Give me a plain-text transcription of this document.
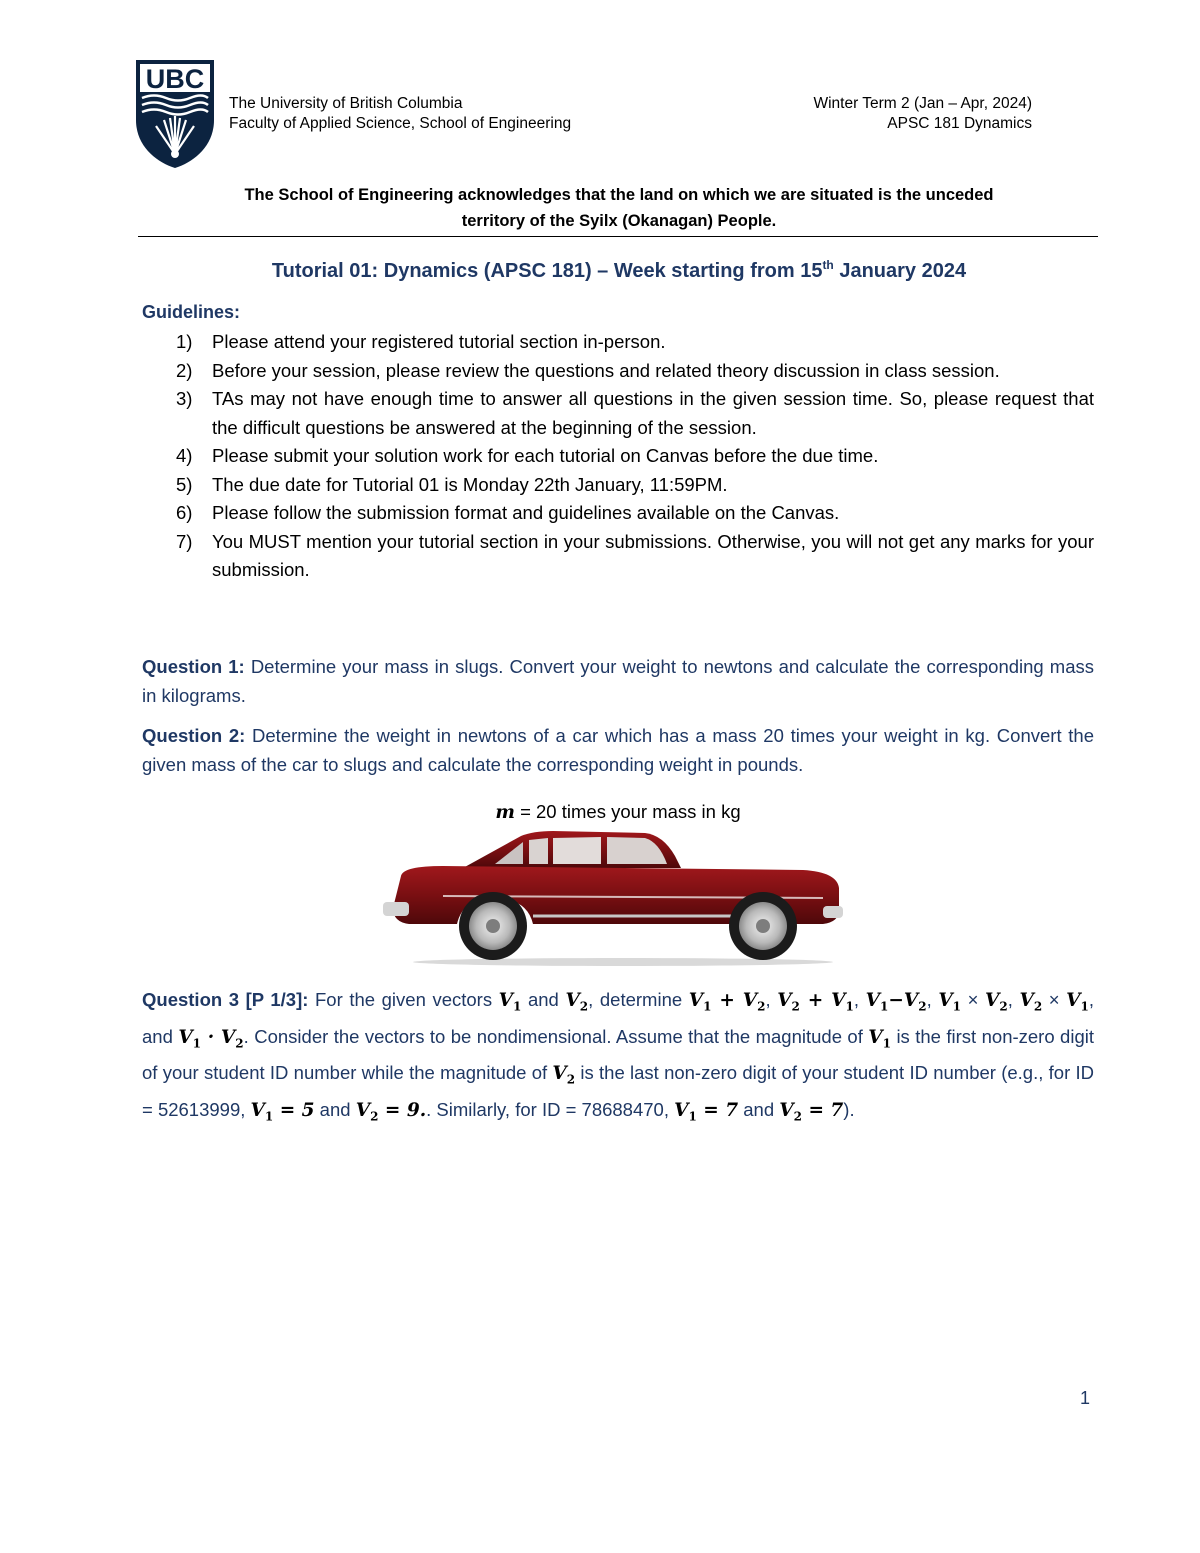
UBC
The University of British Columbia
Faculty of Applied Science, School of Engineering
Winter Term 2 (Jan – Apr, 2024)
APSC 181 Dynamics
The School of Engineering acknowledges that the land on which we are situated is the unceded
territory of the Syilx (Okanagan) People.
Tutorial 01: Dynamics (APSC 181) – Week starting from 15th January 2024
Guidelines:
1) Please attend your registered tutorial section in-person.
2) Before your session, please review the questions and related theory discussion in class session.
3) TAs may not have enough time to answer all questions in the given session time. So, please request that the difficult questions be answered at the beginning of the session.
4) Please submit your solution work for each tutorial on Canvas before the due time.
5) The due date for Tutorial 01 is Monday 22th January, 11:59PM.
6) Please follow the submission format and guidelines available on the Canvas.
7) You MUST mention your tutorial section in your submissions. Otherwise, you will not get any marks for your submission.
Question 1: Determine your mass in slugs. Convert your weight to newtons and calculate the corresponding mass in kilograms.
Question 2: Determine the weight in newtons of a car which has a mass 20 times your weight in kg. Convert the given mass of the car to slugs and calculate the corresponding weight in pounds.
m = 20 times your mass in kg
Question 3 [P 1/3]: For the given vectors $V_1$ and $V_2$, determine $V_1 + V_2$, $V_2 + V_1$, $V_1-V_2$, $V_1 \times V_2$, $V_2 \times V_1$, and $V_1 \cdot V_2$. Consider the vectors to be nondimensional. Assume that the magnitude of $V_1$ is the first non-zero digit of your student ID number while the magnitude of $V_2$ is the last non-zero digit of your student ID number (e.g., for ID = 52613999, $V_1 = 5$ and $V_2 = 9$.. Similarly, for ID = 78688470, $V_1 = 7$ and $V_2 = 7$).
1
